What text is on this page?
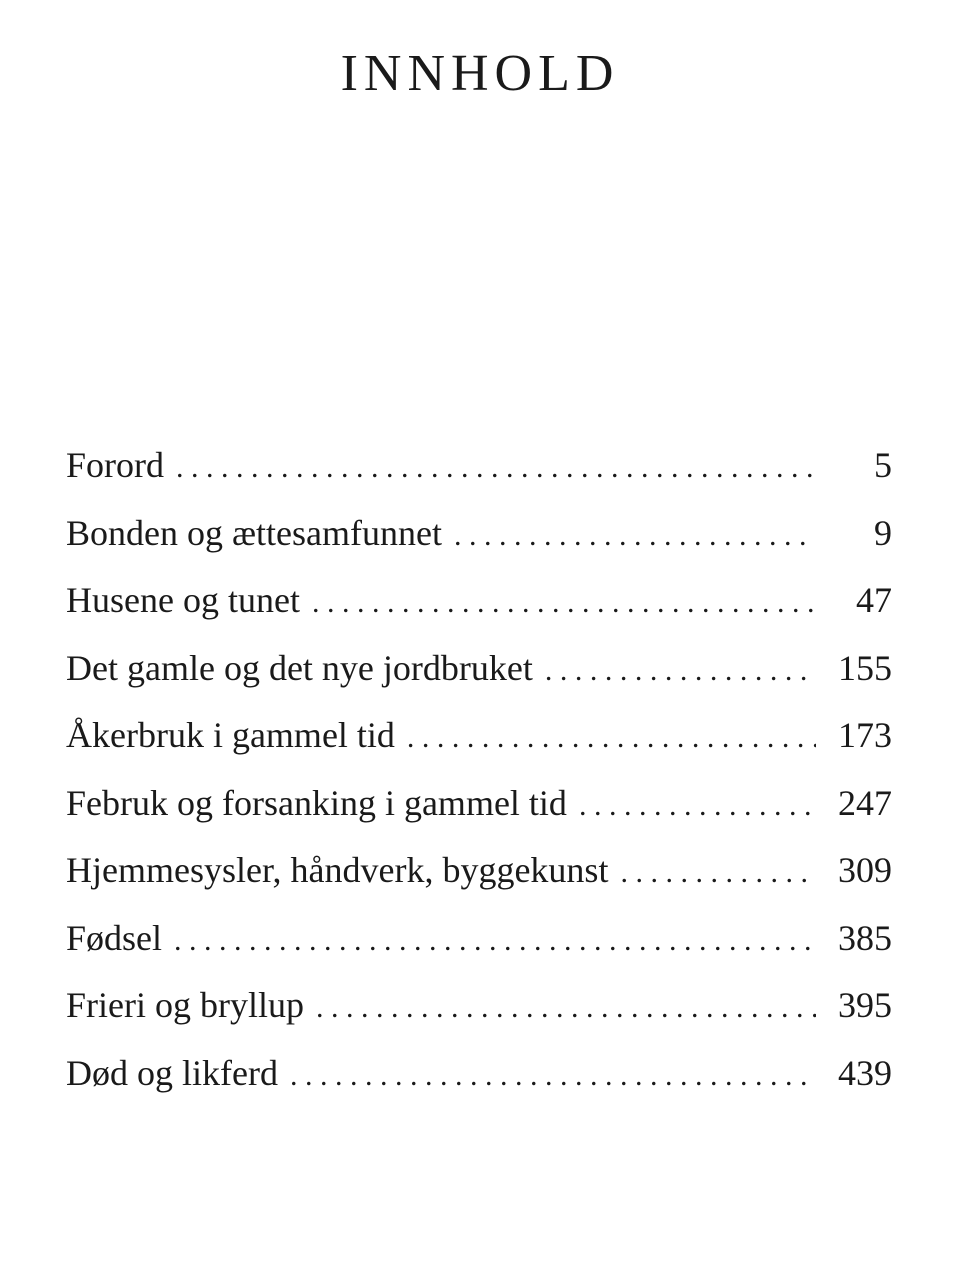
INNHOLD
Forord . . .	5
Bonden og ættesamfunnet . . .	9
Husene og tunet . . .	47
Det gamle og det nye jordbruket . . .	155
Åkerbruk i gammel tid . . .	173
Februk og forsanking i gammel tid . . .	247
Hjemmesysler, håndverk, byggekunst . . .	309
Fødsel . . .	385
Frieri og bryllup . . .	395
Død og likferd . . .	439
